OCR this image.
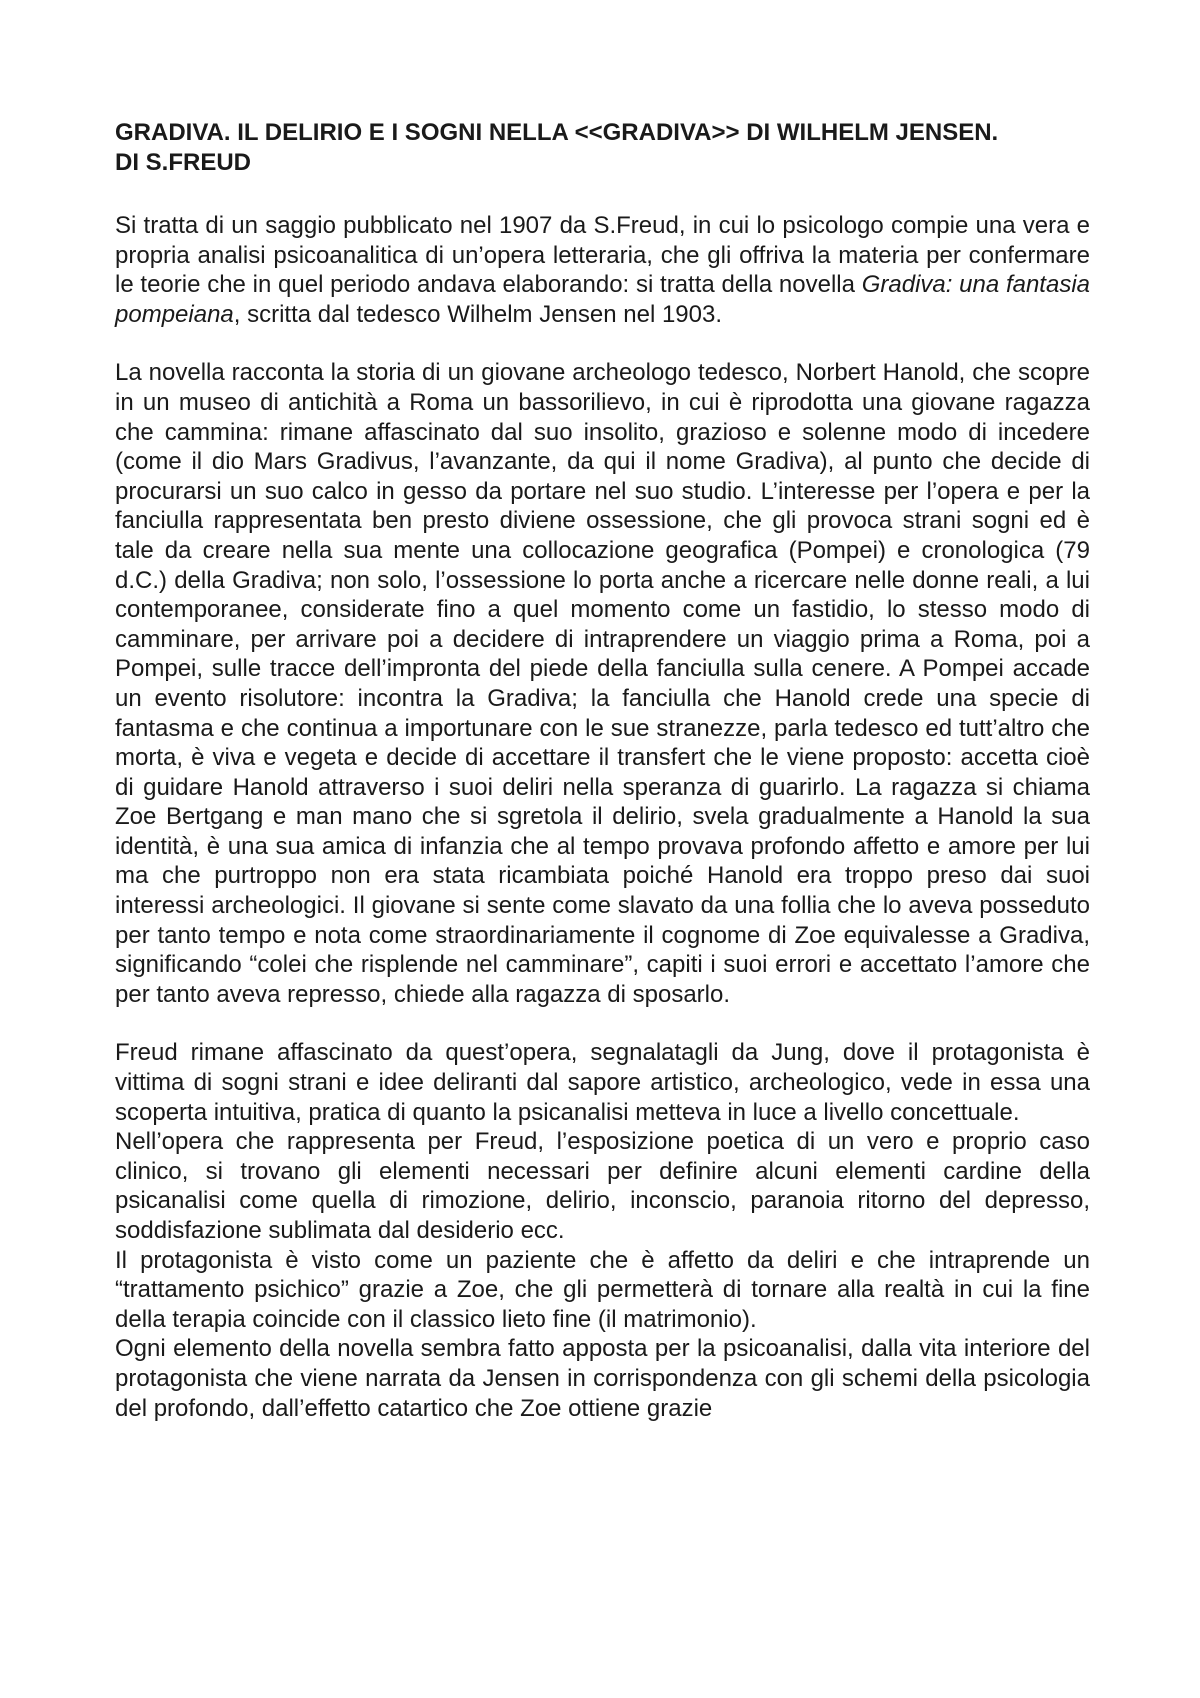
GRADIVA. IL DELIRIO E I SOGNI NELLA <<GRADIVA>> DI WILHELM JENSEN.
DI S.FREUD

Si tratta di un saggio pubblicato nel 1907 da S.Freud, in cui lo psicologo compie una vera e propria analisi psicoanalitica di un’opera letteraria, che gli offriva la materia per confermare le teorie che in quel periodo andava elaborando: si tratta della novella Gradiva: una fantasia pompeiana, scritta dal tedesco Wilhelm Jensen nel 1903.

La novella racconta la storia di un giovane archeologo tedesco, Norbert Hanold, che scopre in un museo di antichità a Roma un bassorilievo, in cui è riprodotta una giovane ragazza che cammina: rimane affascinato dal suo insolito, grazioso e solenne modo di incedere (come il dio Mars Gradivus, l’avanzante, da qui il nome Gradiva), al punto che decide di procurarsi un suo calco in gesso da portare nel suo studio. L’interesse per l’opera e per la fanciulla rappresentata ben presto diviene ossessione, che gli provoca strani sogni ed è tale da creare nella sua mente una collocazione geografica (Pompei) e cronologica (79 d.C.) della Gradiva; non solo, l’ossessione lo porta anche a ricercare nelle donne reali, a lui contemporanee, considerate fino a quel momento come un fastidio, lo stesso modo di camminare, per arrivare poi a decidere di intraprendere un viaggio prima a Roma, poi a Pompei, sulle tracce dell’impronta del piede della fanciulla sulla cenere. A Pompei accade un evento risolutore: incontra la Gradiva; la fanciulla che Hanold crede una specie di fantasma e che continua a importunare con le sue stranezze, parla tedesco ed tutt’altro che morta, è viva e vegeta e decide di accettare il transfert che le viene proposto: accetta cioè di guidare Hanold attraverso i suoi deliri nella speranza di guarirlo. La ragazza si chiama Zoe Bertgang e man mano che si sgretola il delirio, svela gradualmente a Hanold la sua identità, è una sua amica di infanzia che al tempo provava profondo affetto e amore per lui ma che purtroppo non era stata ricambiata poiché Hanold era troppo preso dai suoi interessi archeologici. Il giovane si sente come slavato da una follia che lo aveva posseduto per tanto tempo e nota come straordinariamente il cognome di Zoe equivalesse a Gradiva, significando “colei che risplende nel camminare”, capiti i suoi errori e accettato l’amore che per tanto aveva represso, chiede alla ragazza di sposarlo.

Freud rimane affascinato da quest’opera, segnalatagli da Jung, dove il protagonista è vittima di sogni strani e idee deliranti dal sapore artistico, archeologico, vede in essa una scoperta intuitiva, pratica di quanto la psicanalisi metteva in luce a livello concettuale.

Nell’opera che rappresenta per Freud, l’esposizione poetica di un vero e proprio caso clinico, si trovano gli elementi necessari per definire alcuni elementi cardine della psicanalisi come quella di rimozione, delirio, inconscio, paranoia ritorno del depresso, soddisfazione sublimata dal desiderio ecc.

Il protagonista è visto come un paziente che è affetto da deliri e che intraprende un “trattamento psichico” grazie a Zoe, che gli permetterà di tornare alla realtà in cui la fine della terapia coincide con il classico lieto fine (il matrimonio).

Ogni elemento della novella sembra fatto apposta per la psicoanalisi, dalla vita interiore del protagonista che viene narrata da Jensen in corrispondenza con gli schemi della psicologia del profondo, dall’effetto catartico che Zoe ottiene grazie
